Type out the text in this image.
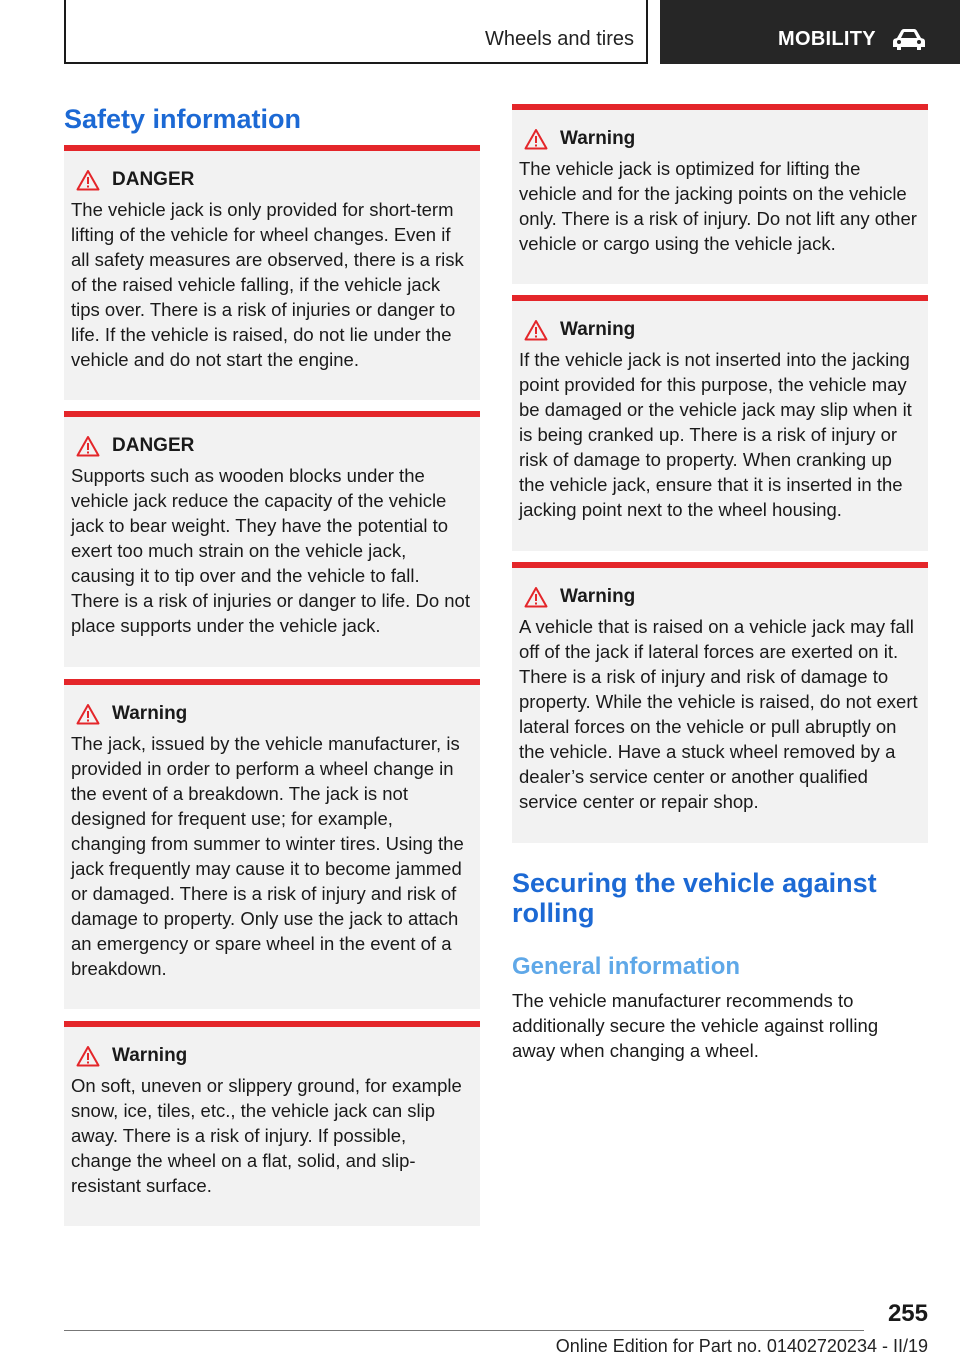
Wheels and tires	MOBILITY
Safety information
DANGER
The vehicle jack is only provided for short-term lifting of the vehicle for wheel changes. Even if all safety measures are observed, there is a risk of the raised vehicle falling, if the vehicle jack tips over. There is a risk of injuries or danger to life. If the vehicle is raised, do not lie under the vehicle and do not start the engine.
DANGER
Supports such as wooden blocks under the vehicle jack reduce the capacity of the vehicle jack to bear weight. They have the potential to exert too much strain on the vehicle jack, causing it to tip over and the vehicle to fall. There is a risk of injuries or danger to life. Do not place supports under the vehicle jack.
Warning
The jack, issued by the vehicle manufacturer, is provided in order to perform a wheel change in the event of a breakdown. The jack is not designed for frequent use; for example, changing from summer to winter tires. Using the jack frequently may cause it to become jammed or damaged. There is a risk of injury and risk of damage to property. Only use the jack to attach an emergency or spare wheel in the event of a breakdown.
Warning
On soft, uneven or slippery ground, for example snow, ice, tiles, etc., the vehicle jack can slip away. There is a risk of injury. If possible, change the wheel on a flat, solid, and slip-resistant surface.
Warning
The vehicle jack is optimized for lifting the vehicle and for the jacking points on the vehicle only. There is a risk of injury. Do not lift any other vehicle or cargo using the vehicle jack.
Warning
If the vehicle jack is not inserted into the jacking point provided for this purpose, the vehicle may be damaged or the vehicle jack may slip when it is being cranked up. There is a risk of injury or risk of damage to property. When cranking up the vehicle jack, ensure that it is inserted in the jacking point next to the wheel housing.
Warning
A vehicle that is raised on a vehicle jack may fall off of the jack if lateral forces are exerted on it. There is a risk of injury and risk of damage to property. While the vehicle is raised, do not exert lateral forces on the vehicle or pull abruptly on the vehicle. Have a stuck wheel removed by a dealer’s service center or another qualified service center or repair shop.
Securing the vehicle against rolling
General information
The vehicle manufacturer recommends to additionally secure the vehicle against rolling away when changing a wheel.
255
Online Edition for Part no. 01402720234 - II/19
